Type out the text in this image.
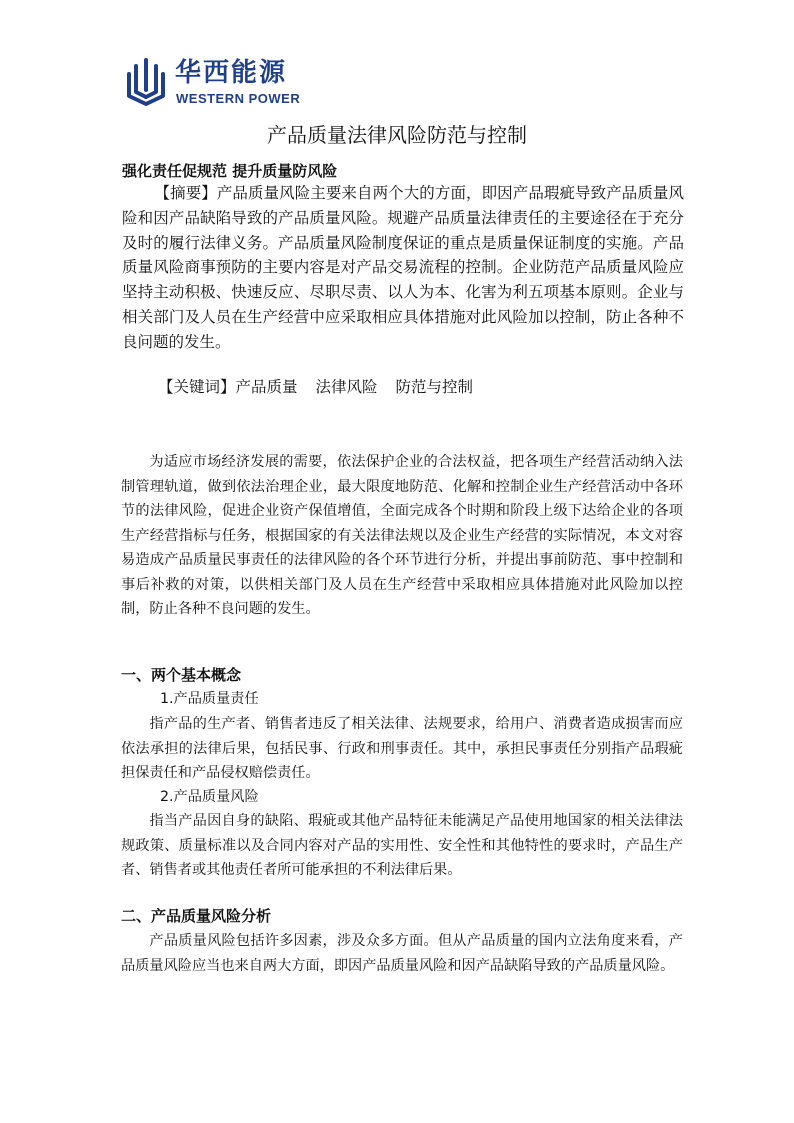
华西能源
WESTERN POWER
产品质量法律风险防范与控制
强化责任促规范 提升质量防风险

【摘要】产品质量风险主要来自两个大的方面，即因产品瑕疵导致产品质量风险和因产品缺陷导致的产品质量风险。规避产品质量法律责任的主要途径在于充分及时的履行法律义务。产品质量风险制度保证的重点是质量保证制度的实施。产品质量风险商事预防的主要内容是对产品交易流程的控制。企业防范产品质量风险应坚持主动积极、快速反应、尽职尽责、以人为本、化害为利五项基本原则。企业与相关部门及人员在生产经营中应采取相应具体措施对此风险加以控制，防止各种不良问题的发生。

【关键词】产品质量 法律风险 防范与控制

为适应市场经济发展的需要，依法保护企业的合法权益，把各项生产经营活动纳入法制管理轨道，做到依法治理企业，最大限度地防范、化解和控制企业生产经营活动中各环节的法律风险，促进企业资产保值增值，全面完成各个时期和阶段上级下达给企业的各项生产经营指标与任务，根据国家的有关法律法规以及企业生产经营的实际情况，本文对容易造成产品质量民事责任的法律风险的各个环节进行分析，并提出事前防范、事中控制和事后补救的对策，以供相关部门及人员在生产经营中采取相应具体措施对此风险加以控制，防止各种不良问题的发生。

一、两个基本概念
1.产品质量责任

指产品的生产者、销售者违反了相关法律、法规要求，给用户、消费者造成损害而应依法承担的法律后果，包括民事、行政和刑事责任。其中，承担民事责任分别指产品瑕疵担保责任和产品侵权赔偿责任。

2.产品质量风险

指当产品因自身的缺陷、瑕疵或其他产品特征未能满足产品使用地国家的相关法律法规政策、质量标准以及合同内容对产品的实用性、安全性和其他特性的要求时，产品生产者、销售者或其他责任者所可能承担的不利法律后果。

二、产品质量风险分析

产品质量风险包括许多因素，涉及众多方面。但从产品质量的国内立法角度来看，产品质量风险应当也来自两大方面，即因产品质量风险和因产品缺陷导致的产品质量风险。
